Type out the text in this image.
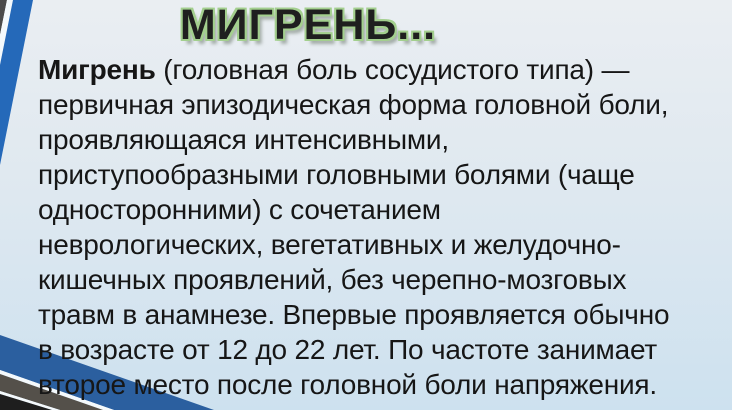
МИГРЕНЬ...
Мигрень (головная боль сосудистого типа) —
первичная эпизодическая форма головной боли,
проявляющаяся интенсивными,
приступообразными головными болями (чаще
односторонними) с сочетанием
неврологических, вегетативных и желудочно-
кишечных проявлений, без черепно-мозговых
травм в анамнезе. Впервые проявляется обычно
в возрасте от 12 до 22 лет. По частоте занимает
второе место после головной боли напряжения.
